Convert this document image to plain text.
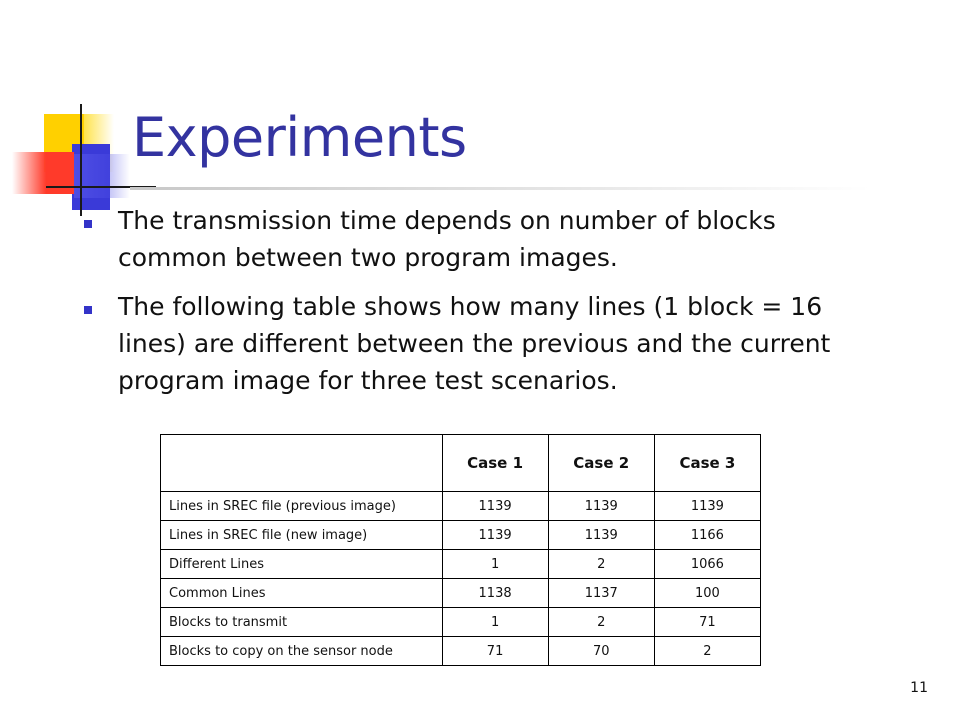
Experiments
The transmission time depends on number of blocks common between two program images.
The following table shows how many lines (1 block = 16 lines) are different between the previous and the current program image for three test scenarios.
	Case 1	Case 2	Case 3
Lines in SREC file (previous image)	1139	1139	1139
Lines in SREC file (new image)	1139	1139	1166
Different Lines	1	2	1066
Common Lines	1138	1137	100
Blocks to transmit	1	2	71
Blocks to copy on the sensor node	71	70	2
11
